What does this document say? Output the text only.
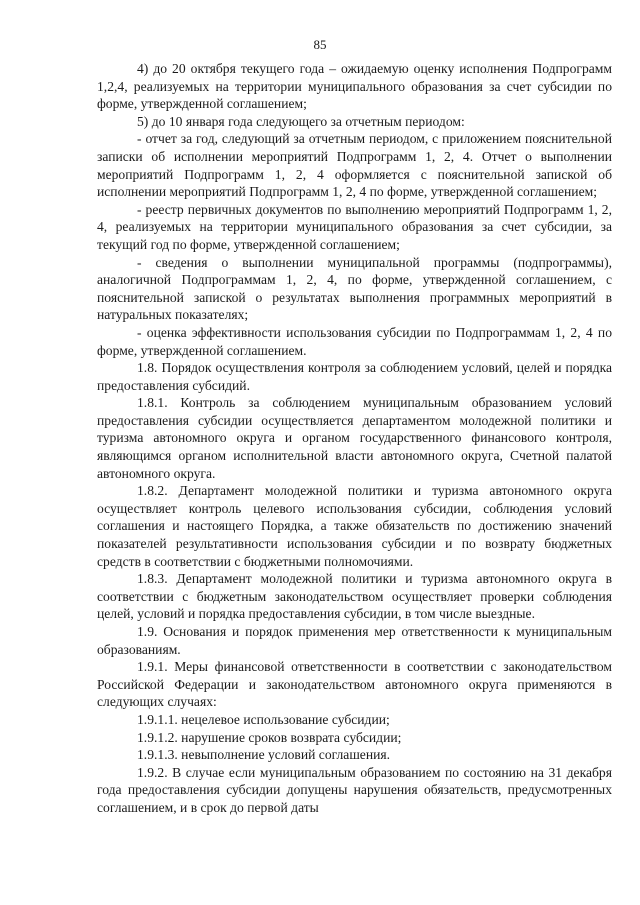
85

4) до 20 октября текущего года – ожидаемую оценку исполнения Подпрограмм 1,2,4, реализуемых на территории муниципального образования за счет субсидии по форме, утвержденной соглашением;

5) до 10 января года следующего за отчетным периодом:

- отчет за год, следующий за отчетным периодом, с приложением пояснительной записки об исполнении мероприятий Подпрограмм 1, 2, 4. Отчет о выполнении мероприятий Подпрограмм 1, 2, 4 оформляется с пояснительной запиской об исполнении мероприятий Подпрограмм 1, 2, 4 по форме, утвержденной соглашением;

- реестр первичных документов по выполнению мероприятий Подпрограмм 1, 2, 4, реализуемых на территории муниципального образования за счет субсидии, за текущий год по форме, утвержденной соглашением;

- сведения о выполнении муниципальной программы (подпрограммы), аналогичной Подпрограммам 1, 2, 4, по форме, утвержденной соглашением, с пояснительной запиской о результатах выполнения программных мероприятий в натуральных показателях;

- оценка эффективности использования субсидии по Подпрограммам 1, 2, 4 по форме, утвержденной соглашением.

1.8. Порядок осуществления контроля за соблюдением условий, целей и порядка предоставления субсидий.

1.8.1. Контроль за соблюдением муниципальным образованием условий предоставления субсидии осуществляется департаментом молодежной политики и туризма автономного округа и органом государственного финансового контроля, являющимся органом исполнительной власти автономного округа, Счетной палатой автономного округа.

1.8.2. Департамент молодежной политики и туризма автономного округа осуществляет контроль целевого использования субсидии, соблюдения условий соглашения и настоящего Порядка, а также обязательств по достижению значений показателей результативности использования субсидии и по возврату бюджетных средств в соответствии с бюджетными полномочиями.

1.8.3. Департамент молодежной политики и туризма автономного округа в соответствии с бюджетным законодательством осуществляет проверки соблюдения целей, условий и порядка предоставления субсидии, в том числе выездные.

1.9. Основания и порядок применения мер ответственности к муниципальным образованиям.

1.9.1. Меры финансовой ответственности в соответствии с законодательством Российской Федерации и законодательством автономного округа применяются в следующих случаях:

1.9.1.1. нецелевое использование субсидии;

1.9.1.2. нарушение сроков возврата субсидии;

1.9.1.3. невыполнение условий соглашения.

1.9.2. В случае если муниципальным образованием по состоянию на 31 декабря года предоставления субсидии допущены нарушения обязательств, предусмотренных соглашением, и в срок до первой даты
